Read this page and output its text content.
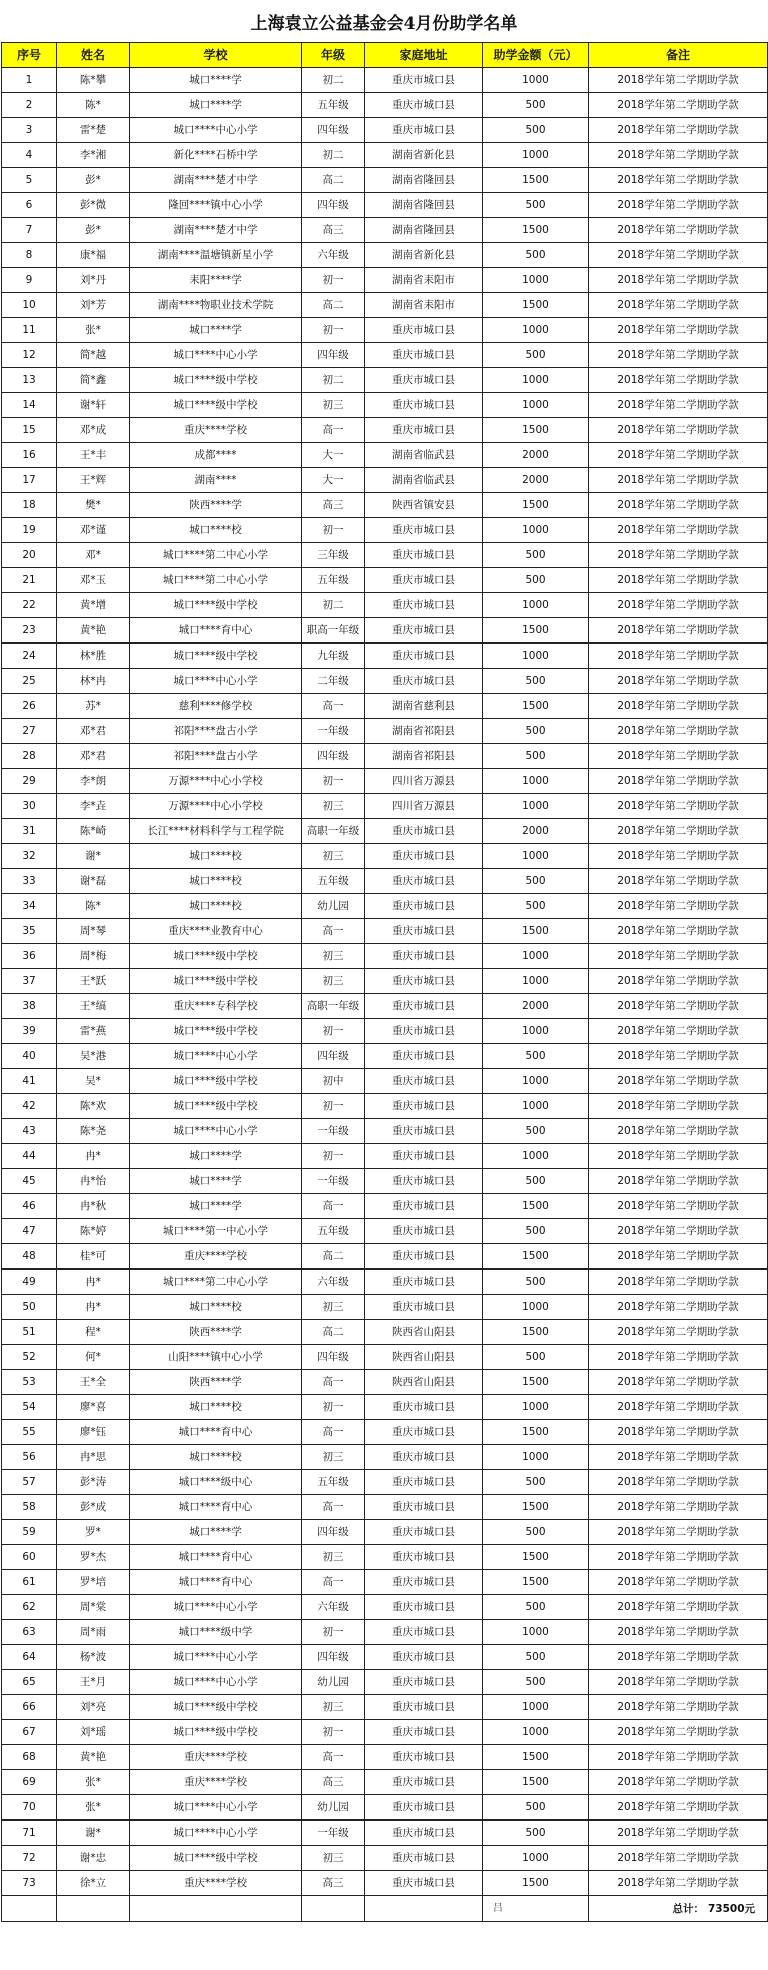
上海袁立公益基金会4月份助学名单
序号	姓名	学校	年级	家庭地址	助学金额（元）	备注
1	陈*攀	城口****学	初二	重庆市城口县	1000	2018学年第二学期助学款
2	陈*	城口****学	五年级	重庆市城口县	500	2018学年第二学期助学款
3	雷*楚	城口****中心小学	四年级	重庆市城口县	500	2018学年第二学期助学款
4	李*湘	新化****石桥中学	初二	湖南省新化县	1000	2018学年第二学期助学款
5	彭*	湖南****楚才中学	高二	湖南省隆回县	1500	2018学年第二学期助学款
6	彭*微	隆回****镇中心小学	四年级	湖南省隆回县	500	2018学年第二学期助学款
7	彭*	湖南****楚才中学	高三	湖南省隆回县	1500	2018学年第二学期助学款
8	康*福	湖南****温塘镇新星小学	六年级	湖南省新化县	500	2018学年第二学期助学款
9	刘*丹	耒阳****学	初一	湖南省耒阳市	1000	2018学年第二学期助学款
10	刘*芳	湖南****物职业技术学院	高二	湖南省耒阳市	1500	2018学年第二学期助学款
11	张*	城口****学	初一	重庆市城口县	1000	2018学年第二学期助学款
12	简*越	城口****中心小学	四年级	重庆市城口县	500	2018学年第二学期助学款
13	简*鑫	城口****级中学校	初二	重庆市城口县	1000	2018学年第二学期助学款
14	谢*轩	城口****级中学校	初三	重庆市城口县	1000	2018学年第二学期助学款
15	邓*成	重庆****学校	高一	重庆市城口县	1500	2018学年第二学期助学款
16	王*丰	成都****	大一	湖南省临武县	2000	2018学年第二学期助学款
17	王*辉	湖南****	大一	湖南省临武县	2000	2018学年第二学期助学款
18	樊*	陕西****学	高三	陕西省镇安县	1500	2018学年第二学期助学款
19	邓*谨	城口****校	初一	重庆市城口县	1000	2018学年第二学期助学款
20	邓*	城口****第二中心小学	三年级	重庆市城口县	500	2018学年第二学期助学款
21	邓*玉	城口****第二中心小学	五年级	重庆市城口县	500	2018学年第二学期助学款
22	黄*增	城口****级中学校	初二	重庆市城口县	1000	2018学年第二学期助学款
23	黄*艳	城口****育中心	职高一年级	重庆市城口县	1500	2018学年第二学期助学款
24	林*胜	城口****级中学校	九年级	重庆市城口县	1000	2018学年第二学期助学款
25	林*冉	城口****中心小学	二年级	重庆市城口县	500	2018学年第二学期助学款
26	苏*	慈利****修学校	高一	湖南省慈利县	1500	2018学年第二学期助学款
27	邓*君	祁阳****盘古小学	一年级	湖南省祁阳县	500	2018学年第二学期助学款
28	邓*君	祁阳****盘古小学	四年级	湖南省祁阳县	500	2018学年第二学期助学款
29	李*朗	万源****中心小学校	初一	四川省万源县	1000	2018学年第二学期助学款
30	李*垚	万源****中心小学校	初三	四川省万源县	1000	2018学年第二学期助学款
31	陈*崎	长江****材料科学与工程学院	高职一年级	重庆市城口县	2000	2018学年第二学期助学款
32	谢*	城口****校	初三	重庆市城口县	1000	2018学年第二学期助学款
33	谢*磊	城口****校	五年级	重庆市城口县	500	2018学年第二学期助学款
34	陈*	城口****校	幼儿园	重庆市城口县	500	2018学年第二学期助学款
35	周*琴	重庆****业教育中心	高一	重庆市城口县	1500	2018学年第二学期助学款
36	周*梅	城口****级中学校	初三	重庆市城口县	1000	2018学年第二学期助学款
37	王*跃	城口****级中学校	初三	重庆市城口县	1000	2018学年第二学期助学款
38	王*缟	重庆****专科学校	高职一年级	重庆市城口县	2000	2018学年第二学期助学款
39	雷*燕	城口****级中学校	初一	重庆市城口县	1000	2018学年第二学期助学款
40	吴*港	城口****中心小学	四年级	重庆市城口县	500	2018学年第二学期助学款
41	吴*	城口****级中学校	初中	重庆市城口县	1000	2018学年第二学期助学款
42	陈*欢	城口****级中学校	初一	重庆市城口县	1000	2018学年第二学期助学款
43	陈*尧	城口****中心小学	一年级	重庆市城口县	500	2018学年第二学期助学款
44	冉*	城口****学	初一	重庆市城口县	1000	2018学年第二学期助学款
45	冉*怡	城口****学	一年级	重庆市城口县	500	2018学年第二学期助学款
46	冉*秋	城口****学	高一	重庆市城口县	1500	2018学年第二学期助学款
47	陈*婷	城口****第一中心小学	五年级	重庆市城口县	500	2018学年第二学期助学款
48	桂*可	重庆****学校	高二	重庆市城口县	1500	2018学年第二学期助学款
49	冉*	城口****第二中心小学	六年级	重庆市城口县	500	2018学年第二学期助学款
50	冉*	城口****校	初三	重庆市城口县	1000	2018学年第二学期助学款
51	程*	陕西****学	高二	陕西省山阳县	1500	2018学年第二学期助学款
52	何*	山阳****镇中心小学	四年级	陕西省山阳县	500	2018学年第二学期助学款
53	王*全	陕西****学	高一	陕西省山阳县	1500	2018学年第二学期助学款
54	廖*喜	城口****校	初一	重庆市城口县	1000	2018学年第二学期助学款
55	廖*钰	城口****育中心	高一	重庆市城口县	1500	2018学年第二学期助学款
56	冉*思	城口****校	初三	重庆市城口县	1000	2018学年第二学期助学款
57	彭*涛	城口****级中心	五年级	重庆市城口县	500	2018学年第二学期助学款
58	彭*成	城口****育中心	高一	重庆市城口县	1500	2018学年第二学期助学款
59	罗*	城口****学	四年级	重庆市城口县	500	2018学年第二学期助学款
60	罗*杰	城口****育中心	初三	重庆市城口县	1500	2018学年第二学期助学款
61	罗*培	城口****育中心	高一	重庆市城口县	1500	2018学年第二学期助学款
62	周*棠	城口****中心小学	六年级	重庆市城口县	500	2018学年第二学期助学款
63	周*雨	城口****级中学	初一	重庆市城口县	1000	2018学年第二学期助学款
64	杨*波	城口****中心小学	四年级	重庆市城口县	500	2018学年第二学期助学款
65	王*月	城口****中心小学	幼儿园	重庆市城口县	500	2018学年第二学期助学款
66	刘*亮	城口****级中学校	初三	重庆市城口县	1000	2018学年第二学期助学款
67	刘*瑶	城口****级中学校	初一	重庆市城口县	1000	2018学年第二学期助学款
68	黄*艳	重庆****学校	高一	重庆市城口县	1500	2018学年第二学期助学款
69	张*	重庆****学校	高三	重庆市城口县	1500	2018学年第二学期助学款
70	张*	城口****中心小学	幼儿园	重庆市城口县	500	2018学年第二学期助学款
71	谢*	城口****中心小学	一年级	重庆市城口县	500	2018学年第二学期助学款
72	谢*忠	城口****级中学校	初三	重庆市城口县	1000	2018学年第二学期助学款
73	徐*立	重庆****学校	高三	重庆市城口县	1500	2018学年第二学期助学款
					吕	总计： 73500元
